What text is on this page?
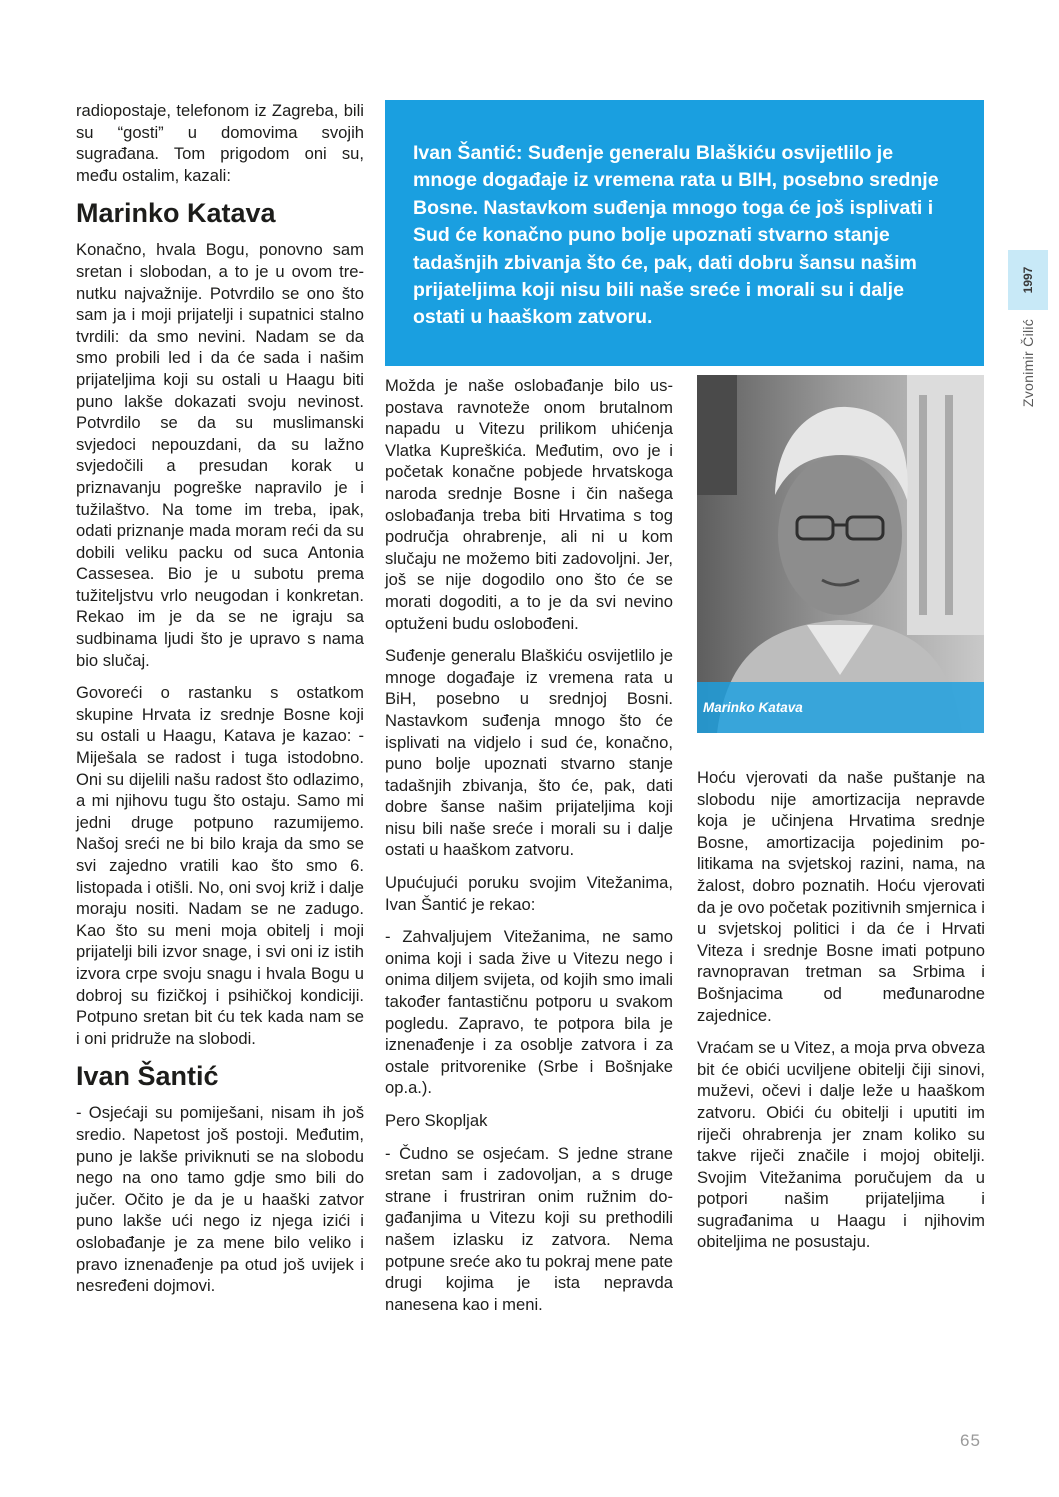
1997
Zvonimir Čilić

radiopostaje, telefonom iz Zagreba, bili su “gosti” u domovima svojih sugrađana. Tom prigodom oni su, među ostalim, kazali:

Marinko Katava

Konačno, hvala Bogu, ponovno sam sretan i slobodan, a to je u ovom trenutku najvažnije. Potvrdilo se ono što sam ja i moji prijatelji i supatnici stalno tvrdili: da smo nevini. Nadam se da smo probili led i da će sada i našim prijateljima koji su ostali u Haagu biti puno lakše dokazati svoju nevinost. Potvrdilo se da su muslimanski svjedoci nepouzdani, da su lažno svjedočili a presudan korak u priznavanju pogreške napravilo je i tužilaštvo. Na tome im treba, ipak, odati priznanje mada moram reći da su dobili veliku packu od suca Antonia Cassesea. Bio je u subotu prema tužiteljstvu vrlo neugodan i konkretan. Rekao im je da se ne igraju sa sudbinama ljudi što je upravo s nama bio slučaj.

Govoreći o rastanku s ostatkom skupine Hrvata iz srednje Bosne koji su ostali u Haagu, Katava je kazao: -Miješala se radost i tuga istodobno. Oni su dijelili našu radost što odlazimo, a mi njihovu tugu što ostaju. Samo mi jedni druge potpuno razumijemo. Našoj sreći ne bi bilo kraja da smo se svi zajedno vratili kao što smo 6. listopada i otišli. No, oni svoj križ i dalje moraju nositi. Nadam se ne zadugo. Kao što su meni moja obitelj i moji prijatelji bili izvor snage, i svi oni iz istih izvora crpe svoju snagu i hvala Bogu u dobroj su fizičkoj i psihičkoj kondiciji. Potpuno sretan bit ću tek kada nam se i oni pridruže na slobodi.

Ivan Šantić

- Osjećaji su pomiješani, nisam ih još sredio. Napetost još postoji. Međutim, puno je lakše priviknuti se na slobodu nego na ono tamo gdje smo bili do jučer. Očito je da je u haaški zatvor puno lakše ući nego iz njega izići i oslobađanje je za mene bilo veliko i pravo iznenađenje pa otud još uvijek i nesređeni dojmovi.

Ivan Šantić: Suđenje generalu Blaškiću osvijetlilo je mnoge događaje iz vremena rata u BIH, posebno srednje Bosne. Nastavkom suđenja mnogo toga će još isplivati i Sud će konačno puno bolje upoznati stvarno stanje tadašnjih zbivanja što će, pak, dati dobru šansu našim prijateljima koji nisu bili naše sreće i morali su i dalje ostati u haaškom zatvoru.

Možda je naše oslobađanje bilo uspostava ravnoteže onom brutalnom napadu u Vitezu prilikom uhićenja Vlatka Kupreškića. Međutim, ovo je i početak konačne pobjede hrvatskoga naroda srednje Bosne i čin našega oslobađanja treba biti Hrvatima s tog područja ohrabrenje, ali ni u kom slučaju ne možemo biti zadovoljni. Jer, još se nije dogodilo ono što će se morati dogoditi, a to je da svi nevino optuženi budu oslobođeni.

Suđenje generalu Blaškiću osvijetlilo je mnoge događaje iz vremena rata u BiH, posebno u srednjoj Bosni. Nastavkom suđenja mnogo što će isplivati na vidjelo i sud će, konačno, puno bolje upoznati stvarno stanje tadašnjih zbivanja, što će, pak, dati dobre šanse našim prijateljima koji nisu bili naše sreće i morali su i dalje ostati u haaškom zatvoru.

Upućujući poruku svojim Vitežanima, Ivan Šantić je rekao:

- Zahvaljujem Vitežanima, ne samo onima koji i sada žive u Vitezu nego i onima diljem svijeta, od kojih smo imali također fantastičnu potporu u svakom pogledu. Zapravo, te potpora bila je iznenađenje i za osoblje zatvora i za ostale pritvorenike (Srbe i Bošnjake op.a.).

Pero Skopljak

- Čudno se osjećam. S jedne strane sretan sam i zadovoljan, a s druge strane i frustriran onim ružnim događanjima u Vitezu koji su prethodili našem izlasku iz zatvora. Nema potpune sreće ako tu pokraj mene pate drugi kojima je ista nepravda nanesena kao i meni.

Marinko Katava

Hoću vjerovati da naše puštanje na slobodu nije amortizacija nepravde koja je učinjena Hrvatima srednje Bosne, amortizacija pojedinim politikama na svjetskoj razini, nama, na žalost, dobro poznatih. Hoću vjerovati da je ovo početak pozitivnih smjernica i u svjetskoj politici i da će i Hrvati Viteza i srednje Bosne imati potpuno ravnopravan tretman sa Srbima i Bošnjacima od međunarodne zajednice.

Vraćam se u Vitez, a moja prva obveza bit će obići ucviljene obitelji čiji sinovi, muževi, očevi i dalje leže u haaškom zatvoru. Obići ću obitelji i uputiti im riječi ohrabrenja jer znam koliko su takve riječi značile i mojoj obitelji. Svojim Vitežanima poručujem da u potpori našim prijateljima i sugrađanima u Haagu i njihovim obiteljima ne posustaju.

65
